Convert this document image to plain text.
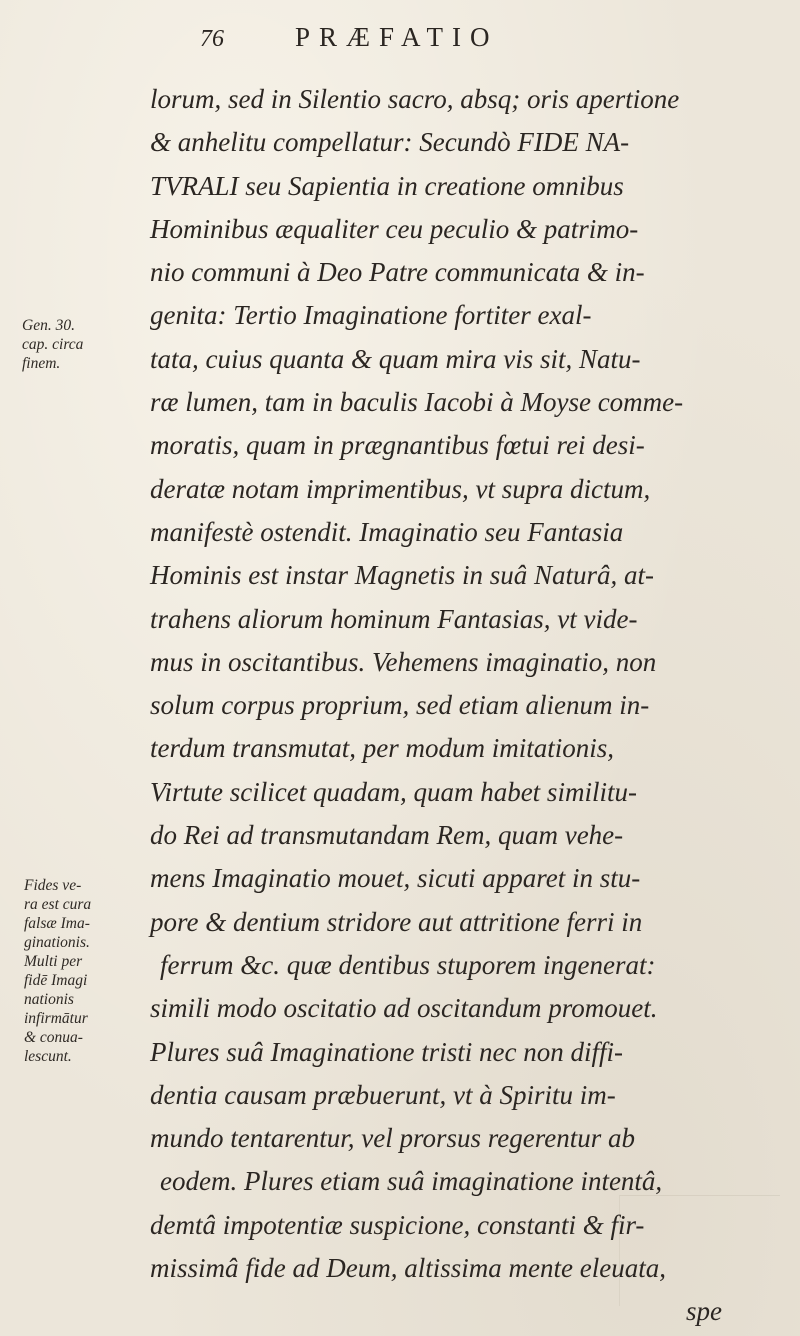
76	PRÆFATIO
Gen. 30.
cap. circa
finem.
Fides ve-
ra est cura
falsæ Ima-
ginationis.
Multi per
fidē Imagi
nationis
infirmātur
& conua-
lescunt.
lorum, sed in Silentio sacro, absq; oris apertione
& anhelitu compellatur: Secundò FIDE NA-
TVRALI seu Sapientia in creatione omnibus
Hominibus æqualiter ceu peculio & patrimo-
nio communi à Deo Patre communicata & in-
genita: Tertio Imaginatione fortiter exal-
tata, cuius quanta & quam mira vis sit, Natu-
ræ lumen, tam in baculis Iacobi à Moyse comme-
moratis, quam in prægnantibus fœtui rei desi-
deratæ notam imprimentibus, vt supra dictum,
manifestè ostendit. Imaginatio seu Fantasia
Hominis est instar Magnetis in suâ Naturâ, at-
trahens aliorum hominum Fantasias, vt vide-
mus in oscitantibus. Vehemens imaginatio, non
solum corpus proprium, sed etiam alienum in-
terdum transmutat, per modum imitationis,
Virtute scilicet quadam, quam habet similitu-
do Rei ad transmutandam Rem, quam vehe-
mens Imaginatio mouet, sicuti apparet in stu-
pore & dentium stridore aut attritione ferri in
ferrum &c. quæ dentibus stuporem ingenerat:
simili modo oscitatio ad oscitandum promouet.
Plures suâ Imaginatione tristi nec non diffi-
dentia causam præbuerunt, vt à Spiritu im-
mundo tentarentur, vel prorsus regerentur ab
eodem. Plures etiam suâ imaginatione intentâ,
demtâ impotentiæ suspicione, constanti & fir-
missimâ fide ad Deum, altissima mente eleuata,
spe
